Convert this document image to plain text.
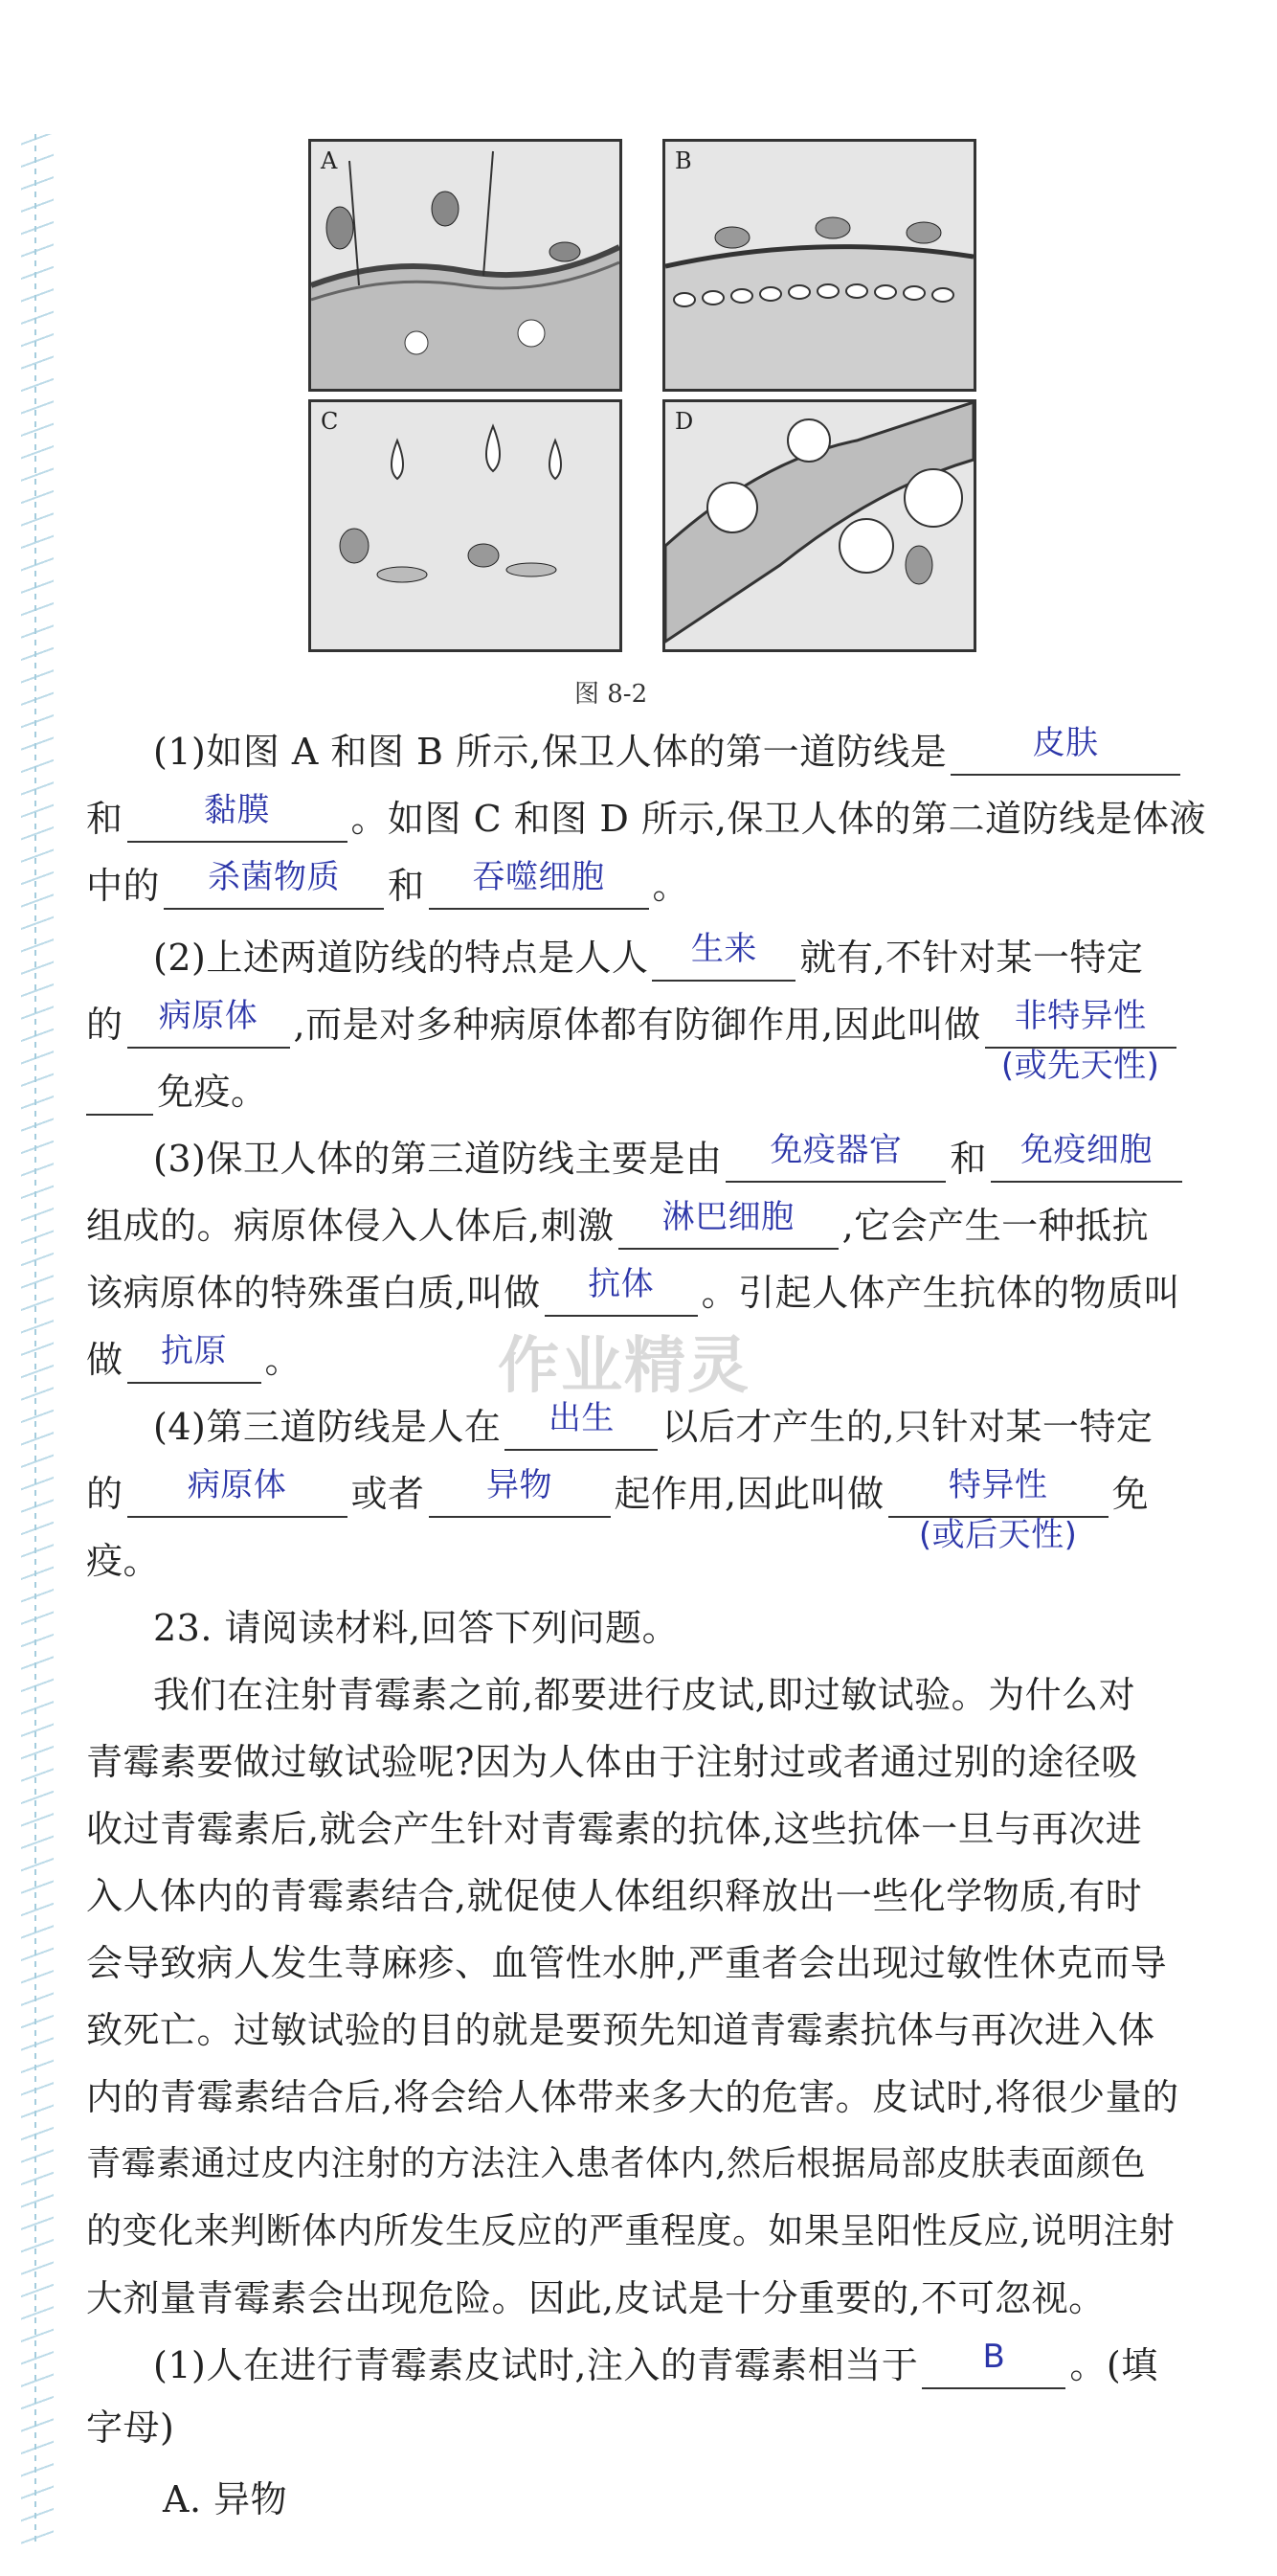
A	B
C	D
图 8-2
(1)如图 A 和图 B 所示,保卫人体的第一道防线是	皮肤
和	黏膜	。如图 C 和图 D 所示,保卫人体的第二道防线是体液
中的	杀菌物质	和	吞噬细胞	。
(2)上述两道防线的特点是人人	生来	就有,不针对某一特定
的	病原体 ,而是对多种病原体都有防御作用,因此叫做	非特异性
(或先天性)
免疫。
(3)保卫人体的第三道防线主要是由	免疫器官	和	免疫细胞
组成的。病原体侵入人体后,刺激	淋巴细胞	,它会产生一种抵抗
该病原体的特殊蛋白质,叫做	抗体	。引起人体产生抗体的物质叫
做	抗原	。	作业精灵
(4)第三道防线是人在	出生	以后才产生的,只针对某一特定
的	病原体	或者	异物	起作用,因此叫做	特异性
(或后天性)
免
疫。
23. 请阅读材料,回答下列问题。
我们在注射青霉素之前,都要进行皮试,即过敏试验。为什么对
青霉素要做过敏试验呢?因为人体由于注射过或者通过别的途径吸
收过青霉素后,就会产生针对青霉素的抗体,这些抗体一旦与再次进
入人体内的青霉素结合,就促使人体组织释放出一些化学物质,有时
会导致病人发生荨麻疹、血管性水肿,严重者会出现过敏性休克而导
致死亡。过敏试验的目的就是要预先知道青霉素抗体与再次进入体
内的青霉素结合后,将会给人体带来多大的危害。皮试时,将很少量的
青霉素通过皮内注射的方法注入患者体内,然后根据局部皮肤表面颜色
的变化来判断体内所发生反应的严重程度。如果呈阳性反应,说明注射
大剂量青霉素会出现危险。因此,皮试是十分重要的,不可忽视。
(1)人在进行青霉素皮试时,注入的青霉素相当于	B	。(填
字母)
A. 异物
